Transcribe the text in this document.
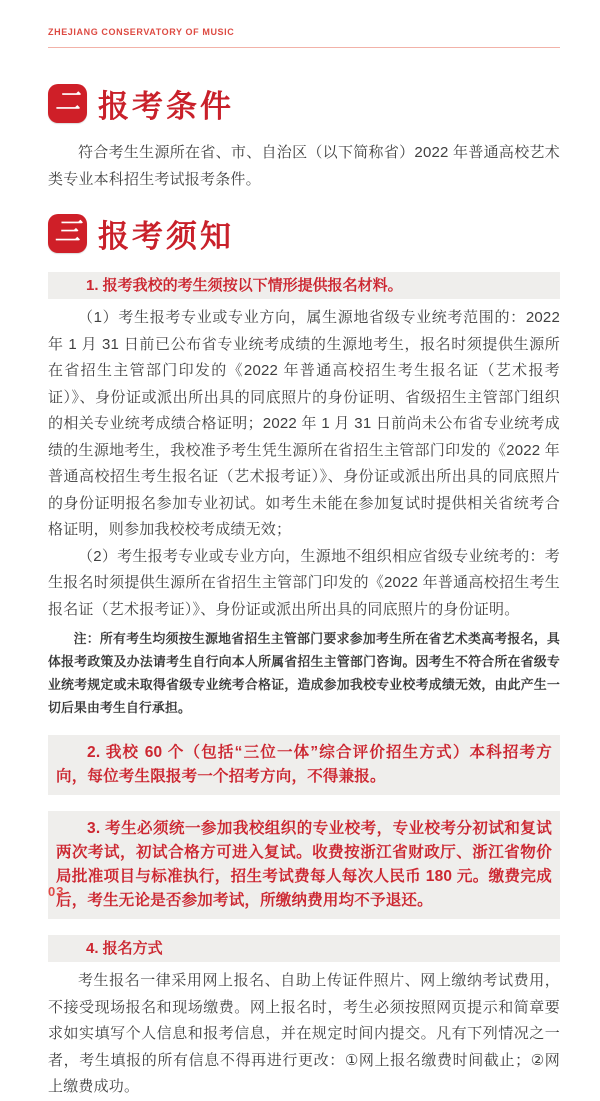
ZHEJIANG CONSERVATORY OF MUSIC
二 报考条件

符合考生生源所在省、市、自治区（以下简称省）2022 年普通高校艺术类专业本科招生考试报考条件。

三 报考须知
1. 报考我校的考生须按以下情形提供报名材料。

（1）考生报考专业或专业方向，属生源地省级专业统考范围的：2022 年 1 月 31 日前已公布省专业统考成绩的生源地考生，报名时须提供生源所在省招生主管部门印发的《2022 年普通高校招生考生报名证（艺术报考证）》、身份证或派出所出具的同底照片的身份证明、省级招生主管部门组织的相关专业统考成绩合格证明；2022 年 1 月 31 日前尚未公布省专业统考成绩的生源地考生，我校准予考生凭生源所在省招生主管部门印发的《2022 年普通高校招生考生报名证（艺术报考证）》、身份证或派出所出具的同底照片的身份证明报名参加专业初试。如考生未能在参加复试时提供相关省统考合格证明，则参加我校校考成绩无效；

（2）考生报考专业或专业方向，生源地不组织相应省级专业统考的：考生报名时须提供生源所在省招生主管部门印发的《2022 年普通高校招生考生报名证（艺术报考证）》、身份证或派出所出具的同底照片的身份证明。

注：所有考生均须按生源地省招生主管部门要求参加考生所在省艺术类高考报名，具体报考政策及办法请考生自行向本人所属省招生主管部门咨询。因考生不符合所在省级专业统考规定或未取得省级专业统考合格证，造成参加我校专业校考成绩无效，由此产生一切后果由考生自行承担。

2. 我校 60 个（包括“三位一体”综合评价招生方式）本科招考方向，每位考生限报考一个招考方向，不得兼报。
3. 考生必须统一参加我校组织的专业校考，专业校考分初试和复试两次考试，初试合格方可进入复试。收费按浙江省财政厅、浙江省物价局批准项目与标准执行，招生考试费每人每次人民币 180 元。缴费完成后，考生无论是否参加考试，所缴纳费用均不予退还。
4. 报名方式

考生报名一律采用网上报名、自助上传证件照片、网上缴纳考试费用，不接受现场报名和现场缴费。网上报名时，考生必须按照网页提示和简章要求如实填写个人信息和报考信息，并在规定时间内提交。凡有下列情况之一者，考生填报的所有信息不得再进行更改：①网上报名缴费时间截止；②网上缴费成功。

03
